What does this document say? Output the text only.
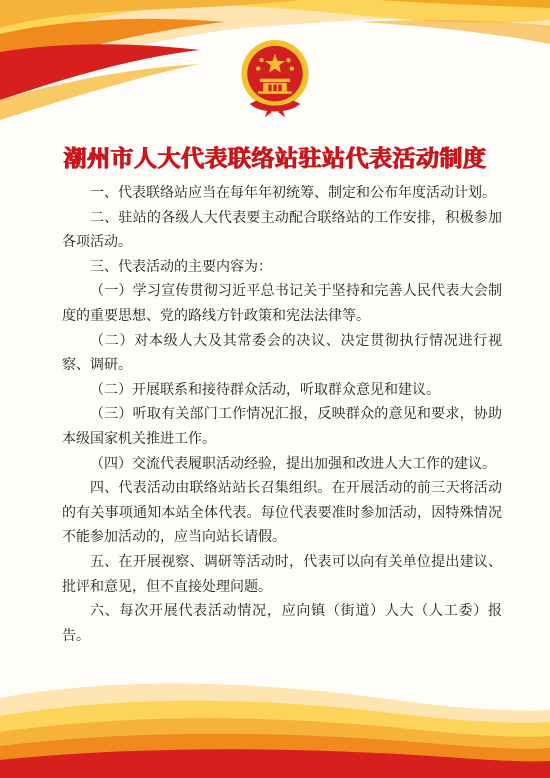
潮州市人大代表联络站驻站代表活动制度

一、代表联络站应当在每年年初统筹、制定和公布年度活动计划。

二、驻站的各级人大代表要主动配合联络站的工作安排，积极参加各项活动。

三、代表活动的主要内容为：

（一）学习宣传贯彻习近平总书记关于坚持和完善人民代表大会制度的重要思想、党的路线方针政策和宪法法律等。

（二）对本级人大及其常委会的决议、决定贯彻执行情况进行视察、调研。

（二）开展联系和接待群众活动，听取群众意见和建议。

（三）听取有关部门工作情况汇报，反映群众的意见和要求，协助本级国家机关推进工作。

（四）交流代表履职活动经验，提出加强和改进人大工作的建议。

四、代表活动由联络站站长召集组织。在开展活动的前三天将活动的有关事项通知本站全体代表。每位代表要准时参加活动，因特殊情况不能参加活动的，应当向站长请假。

五、在开展视察、调研等活动时，代表可以向有关单位提出建议、批评和意见，但不直接处理问题。

六、每次开展代表活动情况，应向镇（街道）人大（人工委）报告。
